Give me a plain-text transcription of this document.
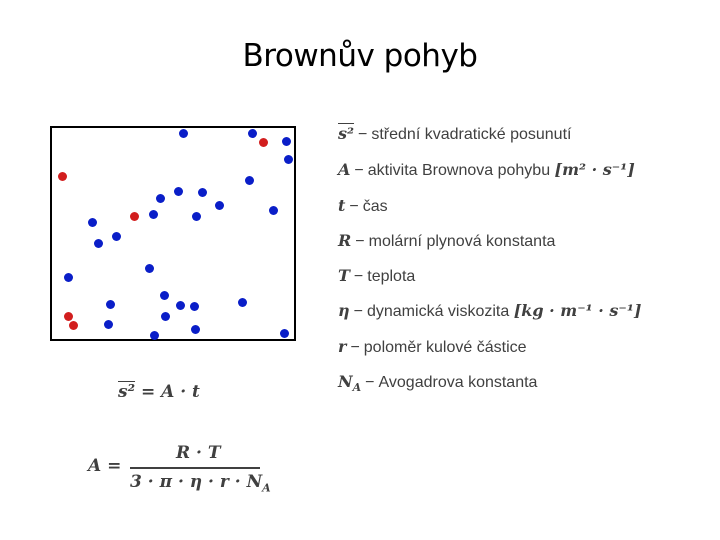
Brownův pohyb
s² − střední kvadratické posunutí
A − aktivita Brownova pohybu [m² · s⁻¹]
t − čas
R − molární plynová konstanta
T − teplota
η − dynamická viskozita [kg · m⁻¹ · s⁻¹]
r − poloměr kulové částice
$N_A$ − Avogadrova konstanta
s² = A · t
A =
R · T
$3 \cdot \pi \cdot \eta \cdot r \cdot N_A$
